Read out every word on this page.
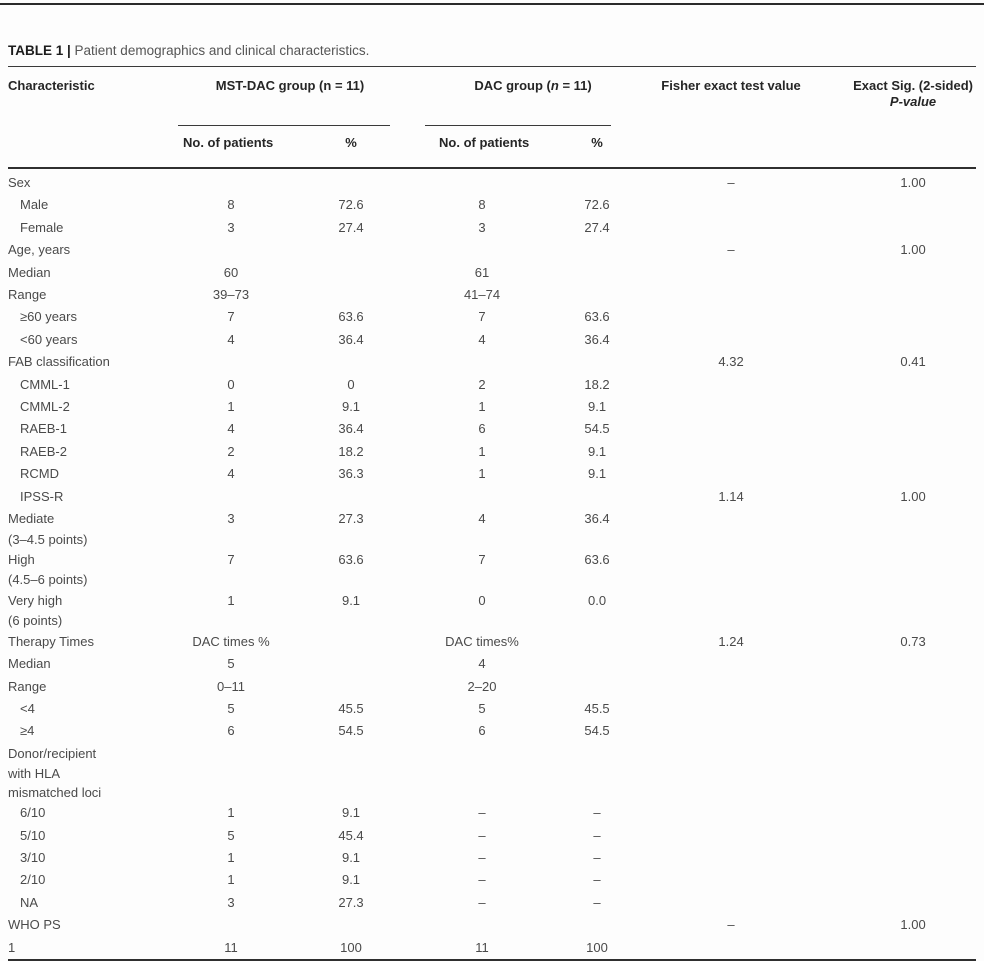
TABLE 1 | Patient demographics and clinical characteristics.
Characteristic	MST-DAC group (n = 11)		DAC group (n = 11)		Fisher exact test value	Exact Sig. (2-sided)
P-value

	No. of patients	%	No. of patients	%		
Sex					–	1.00
Male	8	72.6	8	72.6		
Female	3	27.4	3	27.4		
Age, years					–	1.00
Median	60		61			
Range	39–73		41–74			
≥60 years	7	63.6	7	63.6		
<60 years	4	36.4	4	36.4		
FAB classification					4.32	0.41
CMML-1	0	0	2	18.2		
CMML-2	1	9.1	1	9.1		
RAEB-1	4	36.4	6	54.5		
RAEB-2	2	18.2	1	9.1		
RCMD	4	36.3	1	9.1		
IPSS-R					1.14	1.00
Mediate
(3–4.5 points)	3	27.3	4	36.4		
High
(4.5–6 points)	7	63.6	7	63.6		
Very high
(6 points)	1	9.1	0	0.0		
Therapy Times	DAC times %		DAC times%		1.24	0.73
Median	5		4			
Range	0–11		2–20			
<4	5	45.5	5	45.5		
≥4	6	54.5	6	54.5		
Donor/recipient
with HLA
mismatched loci						

6/10	1	9.1	–	–		
5/10	5	45.4	–	–		
3/10	1	9.1	–	–		
2/10	1	9.1	–	–		
NA	3	27.3	–	–		
WHO PS					–	1.00
1	11	100	11	100		
